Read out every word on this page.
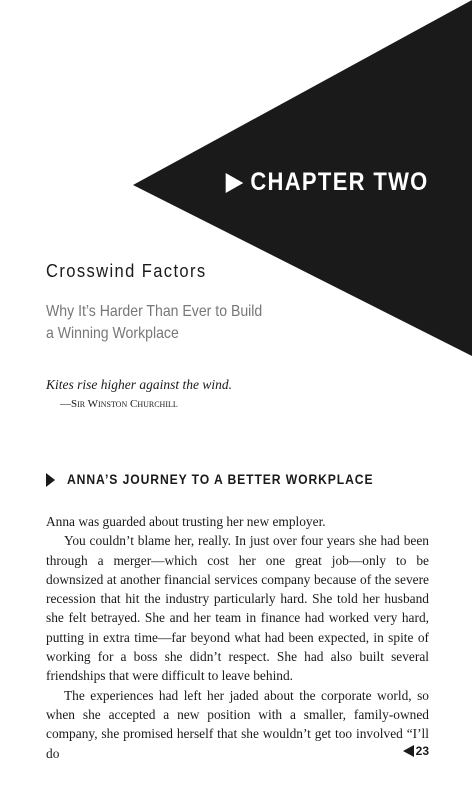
CHAPTER TWO
Crosswind Factors
Why It’s Harder Than Ever to Build a Winning Workplace
Kites rise higher against the wind.
—Sir Winston Churchill
ANNA’S JOURNEY TO A BETTER WORKPLACE

Anna was guarded about trusting her new employer.

You couldn’t blame her, really. In just over four years she had been through a merger—which cost her one great job—only to be downsized at another financial services company because of the severe recession that hit the industry particularly hard. She told her husband she felt betrayed. She and her team in finance had worked very hard, putting in extra time—far beyond what had been expected, in spite of working for a boss she didn’t respect. She had also built several friendships that were difficult to leave behind.

The experiences had left her jaded about the corporate world, so when she accepted a new position with a smaller, family-owned company, she promised herself that she wouldn’t get too involved “I’ll do	23
